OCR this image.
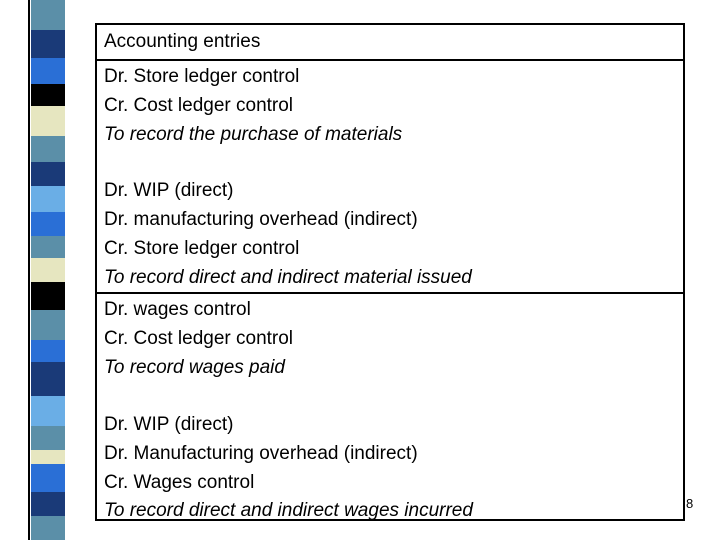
Accounting entries
Dr. Store ledger control
Cr. Cost ledger control
To record the purchase of materials
Dr. WIP (direct)
Dr. manufacturing overhead (indirect)
Cr. Store ledger control
To record direct and indirect material issued
Dr. wages control
Cr. Cost ledger control
To record wages paid
Dr. WIP (direct)
Dr. Manufacturing overhead (indirect)
Cr. Wages control
To record direct and indirect wages incurred	8
